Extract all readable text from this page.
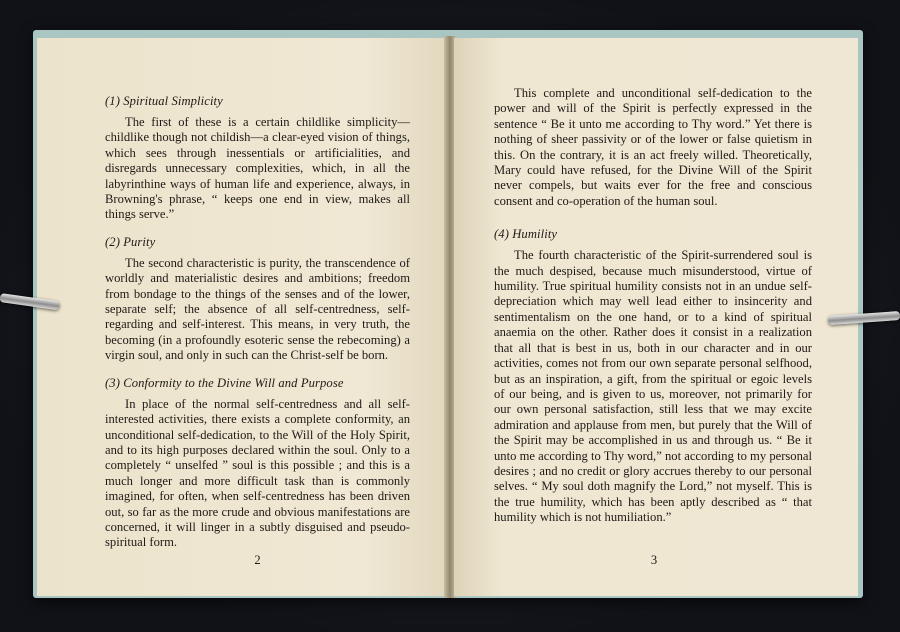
(1) Spiritual Simplicity

The first of these is a certain childlike simplicity—childlike though not childish—a clear-eyed vision of things, which sees through inessentials or artificialities, and disregards unnecessary complexities, which, in all the labyrinthine ways of human life and experience, always, in Browning's phrase, “ keeps one end in view, makes all things serve.”

(2) Purity

The second characteristic is purity, the transcendence of worldly and materialistic desires and ambitions; freedom from bondage to the things of the senses and of the lower, separate self; the absence of all self-centredness, self-regarding and self-interest. This means, in very truth, the becoming (in a profoundly esoteric sense the rebecoming) a virgin soul, and only in such can the Christ-self be born.

(3) Conformity to the Divine Will and Purpose

In place of the normal self-centredness and all self-interested activities, there exists a complete conformity, an unconditional self-dedication, to the Will of the Holy Spirit, and to its high purposes declared within the soul. Only to a completely “ unselfed ” soul is this possible ; and this is a much longer and more difficult task than is commonly imagined, for often, when self-centredness has been driven out, so far as the more crude and obvious manifestations are concerned, it will linger in a subtly disguised and pseudo-spiritual form.

2

This complete and unconditional self-dedication to the power and will of the Spirit is perfectly expressed in the sentence “ Be it unto me according to Thy word.” Yet there is nothing of sheer passivity or of the lower or false quietism in this. On the contrary, it is an act freely willed. Theoretically, Mary could have refused, for the Divine Will of the Spirit never compels, but waits ever for the free and conscious consent and co-operation of the human soul.

(4) Humility

The fourth characteristic of the Spirit-surrendered soul is the much despised, because much misunderstood, virtue of humility. True spiritual humility consists not in an undue self-depreciation which may well lead either to insincerity and sentimentalism on the one hand, or to a kind of spiritual anaemia on the other. Rather does it consist in a realization that all that is best in us, both in our character and in our activities, comes not from our own separate personal selfhood, but as an inspiration, a gift, from the spiritual or egoic levels of our being, and is given to us, moreover, not primarily for our own personal satisfaction, still less that we may excite admiration and applause from men, but purely that the Will of the Spirit may be accomplished in us and through us. “ Be it unto me according to Thy word,” not according to my personal desires ; and no credit or glory accrues thereby to our personal selves. “ My soul doth magnify the Lord,” not myself. This is the true humility, which has been aptly described as “ that humility which is not humiliation.”

3
